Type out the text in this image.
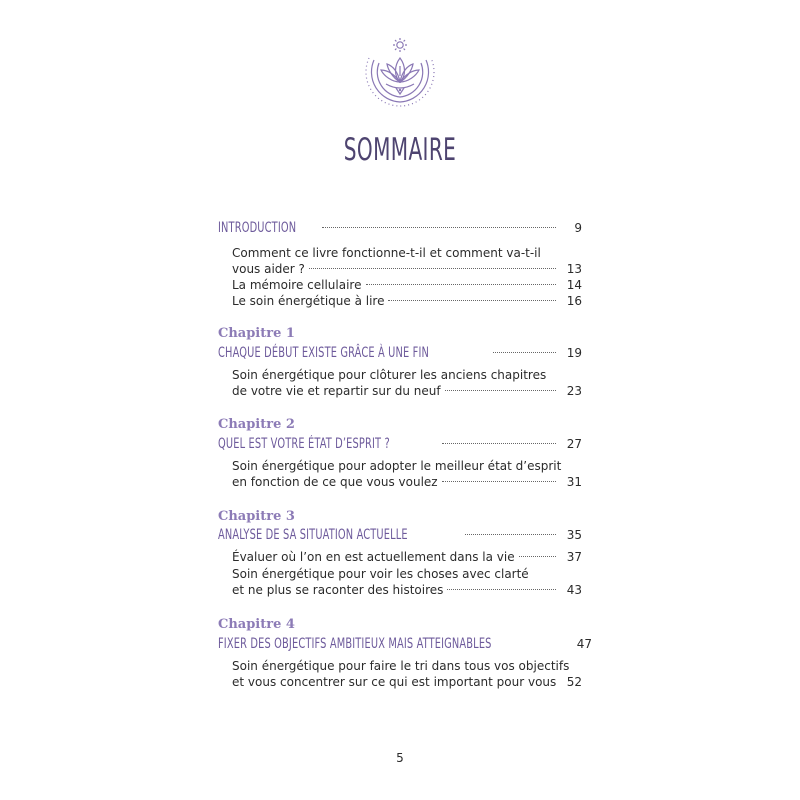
SOMMAIRE
INTRODUCTION	9
Comment ce livre fonctionne-t-il et comment va-t-il
vous aider ?	13
La mémoire cellulaire	14
Le soin énergétique à lire	16
Chapitre 1
CHAQUE DÉBUT EXISTE GRÂCE À UNE FIN	19
Soin énergétique pour clôturer les anciens chapitres
de votre vie et repartir sur du neuf	23
Chapitre 2
QUEL EST VOTRE ÉTAT D’ESPRIT ?	27
Soin énergétique pour adopter le meilleur état d’esprit
en fonction de ce que vous voulez	31
Chapitre 3
ANALYSE DE SA SITUATION ACTUELLE	35
Évaluer où l’on en est actuellement dans la vie	37
Soin énergétique pour voir les choses avec clarté
et ne plus se raconter des histoires	43
Chapitre 4
FIXER DES OBJECTIFS AMBITIEUX MAIS ATTEIGNABLES	47
Soin énergétique pour faire le tri dans tous vos objectifs
et vous concentrer sur ce qui est important pour vous 52
5
